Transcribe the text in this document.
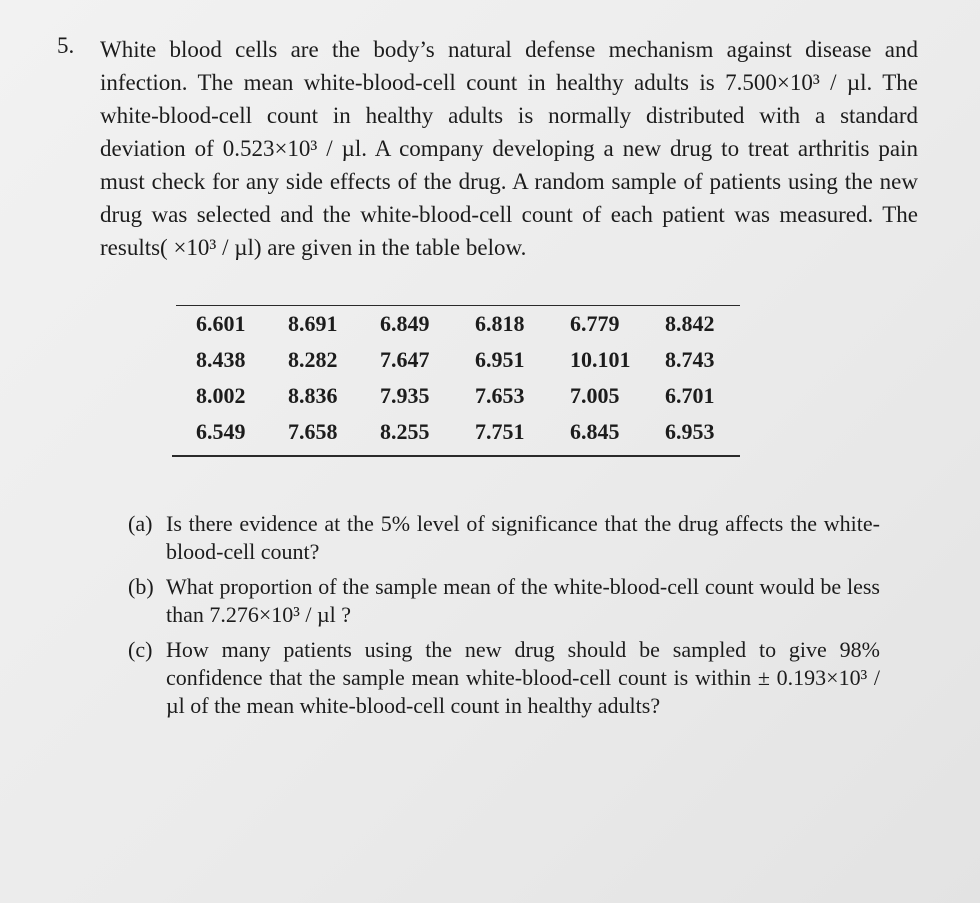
5. White blood cells are the body’s natural defense mechanism against disease and infection. The mean white-blood-cell count in healthy adults is 7.500×10³ / µl. The white-blood-cell count in healthy adults is normally distributed with a standard deviation of 0.523×10³ / µl. A company developing a new drug to treat arthritis pain must check for any side effects of the drug. A random sample of patients using the new drug was selected and the white-blood-cell count of each patient was measured. The results( ×10³ / µl) are given in the table below.

6.601	8.691	6.849	6.818	6.779	8.842
8.438	8.282	7.647	6.951	10.101	8.743
8.002	8.836	7.935	7.653	7.005	6.701
6.549	7.658	8.255	7.751	6.845	6.953
(a) Is there evidence at the 5% level of significance that the drug affects the white-blood-cell count?
(b) What proportion of the sample mean of the white-blood-cell count would be less than 7.276×10³ / µl ?
(c) How many patients using the new drug should be sampled to give 98% confidence that the sample mean white-blood-cell count is within ± 0.193×10³ / µl of the mean white-blood-cell count in healthy adults?
